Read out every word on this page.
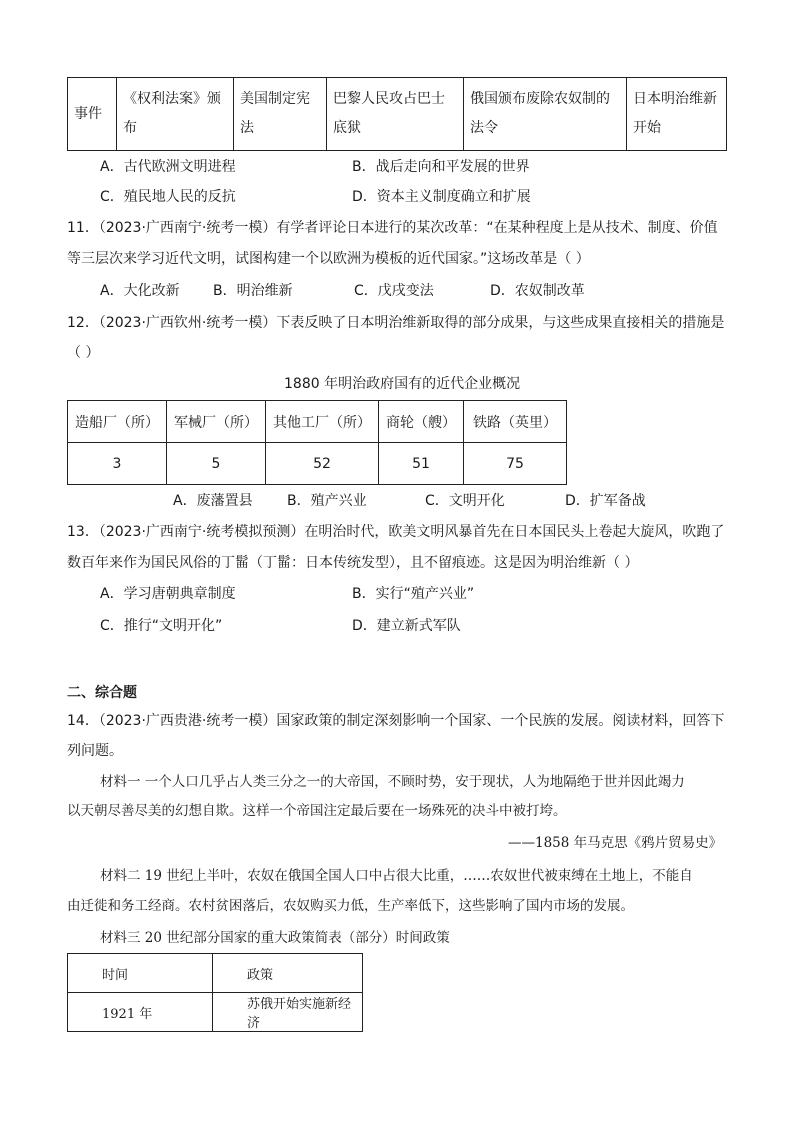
事件	《权利法案》颁布	美国制定宪法	巴黎人民攻占巴士底狱	俄国颁布废除农奴制的法令	日本明治维新开始
A．古代欧洲文明进程	B．战后走向和平发展的世界
C．殖民地人民的反抗	D．资本主义制度确立和扩展
11．（2023·广西南宁·统考一模）有学者评论日本进行的某次改革：“在某种程度上是从技术、制度、价值
等三层次来学习近代文明，试图构建一个以欧洲为模板的近代国家。”这场改革是（ ）
A．大化改新 B．明治维新	C．戊戌变法	D．农奴制改革
12．（2023·广西钦州·统考一模）下表反映了日本明治维新取得的部分成果，与这些成果直接相关的措施是
（ ）
1880 年明治政府国有的近代企业概况
造船厂（所）	军械厂（所）	其他工厂（所）	商轮（艘）	铁路（英里）
3	5	52	51	75
A．废藩置县 B．殖产兴业	C．文明开化	D．扩军备战
13．（2023·广西南宁·统考模拟预测）在明治时代，欧美文明风暴首先在日本国民头上卷起大旋风，吹跑了
数百年来作为国民风俗的丁髷（丁髷：日本传统发型），且不留痕迹。这是因为明治维新（ ）
A．学习唐朝典章制度	B．实行“殖产兴业”
C．推行“文明开化”	D．建立新式军队
二、综合题
14．（2023·广西贵港·统考一模）国家政策的制定深刻影响一个国家、一个民族的发展。阅读材料，回答下
列问题。
材料一 一个人口几乎占人类三分之一的大帝国，不顾时势，安于现状，人为地隔绝于世并因此竭力
以天朝尽善尽美的幻想自欺。这样一个帝国注定最后要在一场殊死的决斗中被打垮。
——1858 年马克思《鸦片贸易史》
材料二 19 世纪上半叶，农奴在俄国全国人口中占很大比重，……农奴世代被束缚在土地上，不能自
由迁徙和务工经商。农村贫困落后，农奴购买力低，生产率低下，这些影响了国内市场的发展。
材料三 20 世纪部分国家的重大政策简表（部分）时间政策
时间	政策
1921 年	苏俄开始实施新经济
